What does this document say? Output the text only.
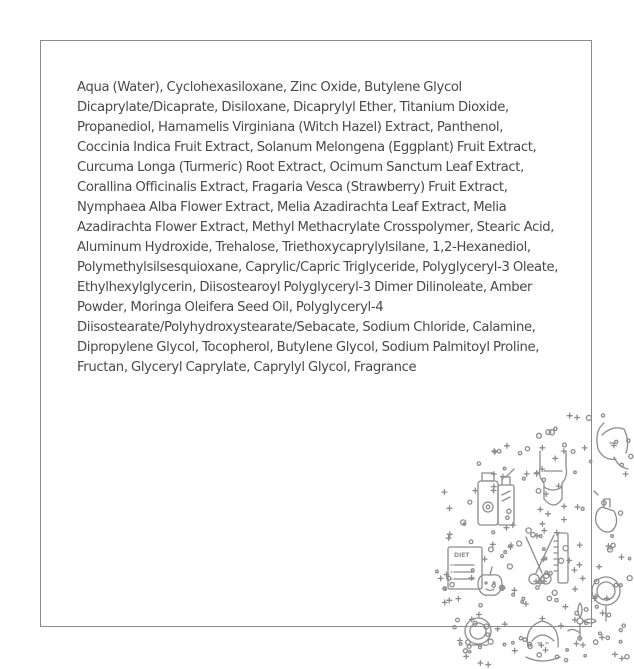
Aqua (Water), Cyclohexasiloxane, Zinc Oxide, Butylene Glycol Dicaprylate/Dicaprate, Disiloxane, Dicaprylyl Ether, Titanium Dioxide, Propanediol, Hamamelis Virginiana (Witch Hazel) Extract, Panthenol, Coccinia Indica Fruit Extract, Solanum Melongena (Eggplant) Fruit Extract, Curcuma Longa (Turmeric) Root Extract, Ocimum Sanctum Leaf Extract, Corallina Officinalis Extract, Fragaria Vesca (Strawberry) Fruit Extract, Nymphaea Alba Flower Extract, Melia Azadirachta Leaf Extract, Melia Azadirachta Flower Extract, Methyl Methacrylate Crosspolymer, Stearic Acid, Aluminum Hydroxide, Trehalose, Triethoxycaprylylsilane, 1,2-Hexanediol, Polymethylsilsesquioxane, Caprylic/Capric Triglyceride, Polyglyceryl-3 Oleate, Ethylhexylglycerin, Diisostearoyl Polyglyceryl-3 Dimer Dilinoleate, Amber Powder, Moringa Oleifera Seed Oil, Polyglyceryl-4 Diisostearate/Polyhydroxystearate/Sebacate, Sodium Chloride, Calamine, Dipropylene Glycol, Tocopherol, Butylene Glycol, Sodium Palmitoyl Proline, Fructan, Glyceryl Caprylate, Caprylyl Glycol, Fragrance

DIET
